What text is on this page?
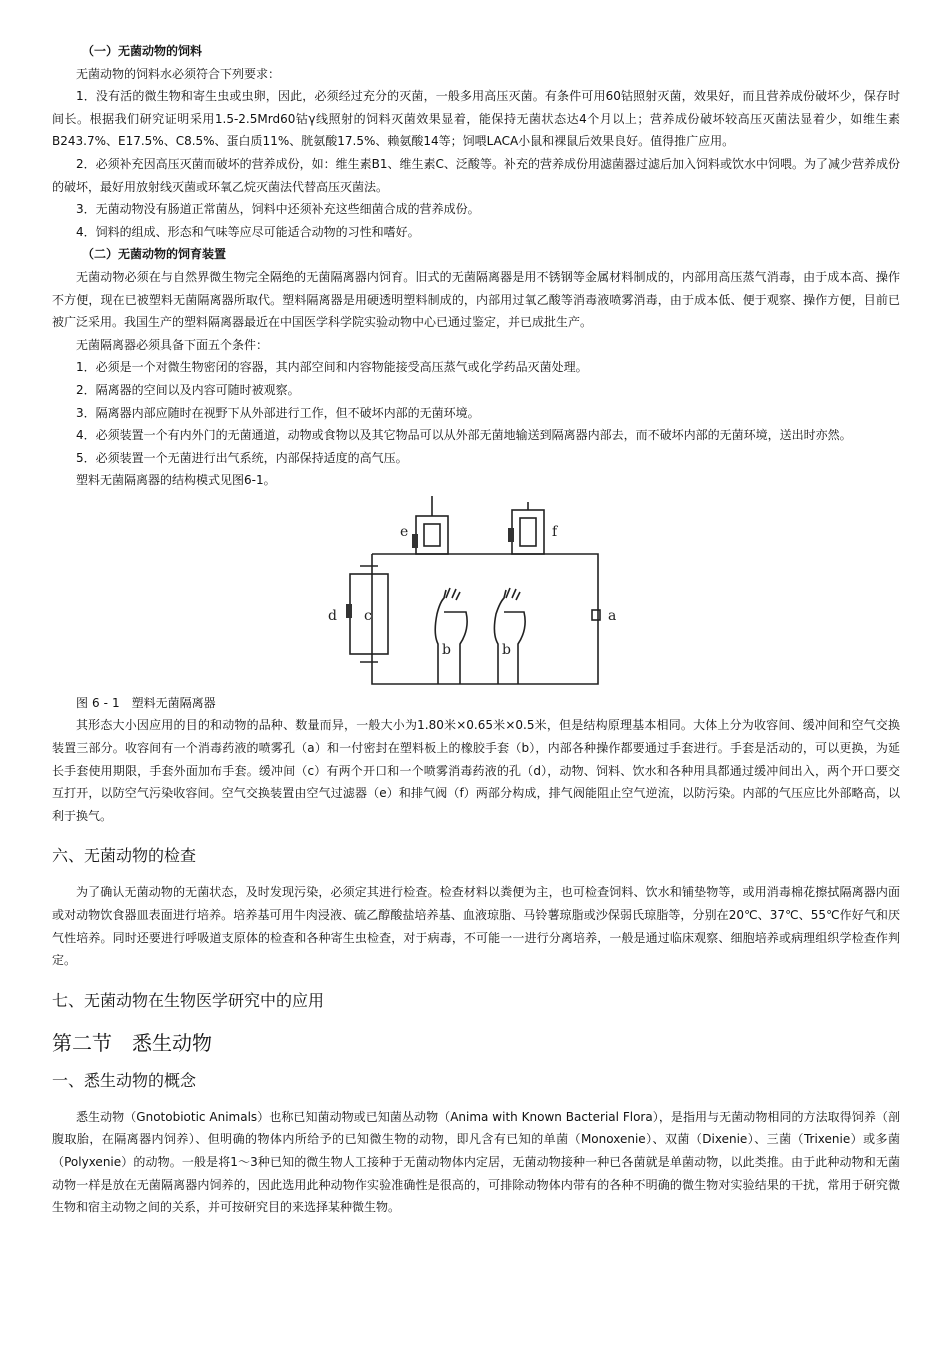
（一）无菌动物的饲料

无菌动物的饲料水必须符合下列要求：

1．没有活的微生物和寄生虫或虫卵，因此，必须经过充分的灭菌，一般多用高压灭菌。有条件可用60钴照射灭菌，效果好，而且营养成份破坏少，保存时间长。根据我们研究证明采用1.5-2.5Mrd60钴γ线照射的饲料灭菌效果显着，能保持无菌状态达4个月以上；营养成份破坏较高压灭菌法显着少，如维生素B243.7%、E17.5%、C8.5%、蛋白质11%、胱氨酸17.5%、赖氨酸14等；饲喂LACA小鼠和裸鼠后效果良好。值得推广应用。

2．必须补充因高压灭菌而破坏的营养成份，如：维生素B1、维生素C、泛酸等。补充的营养成份用滤菌器过滤后加入饲料或饮水中饲喂。为了减少营养成份的破坏，最好用放射线灭菌或环氧乙烷灭菌法代替高压灭菌法。

3．无菌动物没有肠道正常菌丛，饲料中还须补充这些细菌合成的营养成份。

4．饲料的组成、形态和气味等应尽可能适合动物的习性和嗜好。

（二）无菌动物的饲育装置

无菌动物必须在与自然界微生物完全隔绝的无菌隔离器内饲育。旧式的无菌隔离器是用不锈钢等金属材料制成的，内部用高压蒸气消毒，由于成本高、操作不方便，现在已被塑料无菌隔离器所取代。塑料隔离器是用硬透明塑料制成的，内部用过氧乙酸等消毒液喷雾消毒，由于成本低、便于观察、操作方便，目前已被广泛采用。我国生产的塑料隔离器最近在中国医学科学院实验动物中心已通过鉴定，并已成批生产。

无菌隔离器必须具备下面五个条件：

1．必须是一个对微生物密闭的容器，其内部空间和内容物能接受高压蒸气或化学药品灭菌处理。

2．隔离器的空间以及内容可随时被观察。

3．隔离器内部应随时在视野下从外部进行工作，但不破坏内部的无菌环境。

4．必须装置一个有内外门的无菌通道，动物或食物以及其它物品可以从外部无菌地输送到隔离器内部去，而不破坏内部的无菌环境，送出时亦然。

5．必须装置一个无菌进行出气系统，内部保持适度的高气压。

塑料无菌隔离器的结构模式见图6-1。

e	f
c
d	a
b	b
图6-1 塑料无菌隔离器

其形态大小因应用的目的和动物的品种、数量而异，一般大小为1.80米×0.65米×0.5米，但是结构原理基本相同。大体上分为收容间、缓冲间和空气交换装置三部分。收容间有一个消毒药液的喷雾孔（a）和一付密封在塑料板上的橡胶手套（b），内部各种操作都要通过手套进行。手套是活动的，可以更换，为延长手套使用期限，手套外面加布手套。缓冲间（c）有两个开口和一个喷雾消毒药液的孔（d），动物、饲料、饮水和各种用具都通过缓冲间出入，两个开口要交互打开，以防空气污染收容间。空气交换装置由空气过滤器（e）和排气阀（f）两部分构成，排气阀能阻止空气逆流，以防污染。内部的气压应比外部略高，以利于换气。

六、无菌动物的检查

为了确认无菌动物的无菌状态，及时发现污染，必须定其进行检查。检查材料以粪便为主，也可检查饲料、饮水和铺垫物等，或用消毒棉花擦拭隔离器内面或对动物饮食器皿表面进行培养。培养基可用牛肉浸液、硫乙醇酸盐培养基、血液琼脂、马铃薯琼脂或沙保弱氏琼脂等，分别在20℃、37℃、55℃作好气和厌气性培养。同时还要进行呼吸道支原体的检查和各种寄生虫检查，对于病毒，不可能一一进行分离培养，一般是通过临床观察、细胞培养或病理组织学检查作判定。

七、无菌动物在生物医学研究中的应用
第二节　悉生动物
一、悉生动物的概念

悉生动物（Gnotobiotic Animals）也称已知菌动物或已知菌丛动物（Anima with Known Bacterial Flora），是指用与无菌动物相同的方法取得饲养（剖腹取胎，在隔离器内饲养）、但明确的物体内所给予的已知微生物的动物，即凡含有已知的单菌（Monoxenie）、双菌（Dixenie）、三菌（Trixenie）或多菌（Polyxenie）的动物。一般是将1～3种已知的微生物人工接种于无菌动物体内定居，无菌动物接种一种已各菌就是单菌动物，以此类推。由于此种动物和无菌动物一样是放在无菌隔离器内饲养的，因此选用此种动物作实验准确性是很高的，可排除动物体内带有的各种不明确的微生物对实验结果的干扰，常用于研究微生物和宿主动物之间的关系，并可按研究目的来选择某种微生物。
